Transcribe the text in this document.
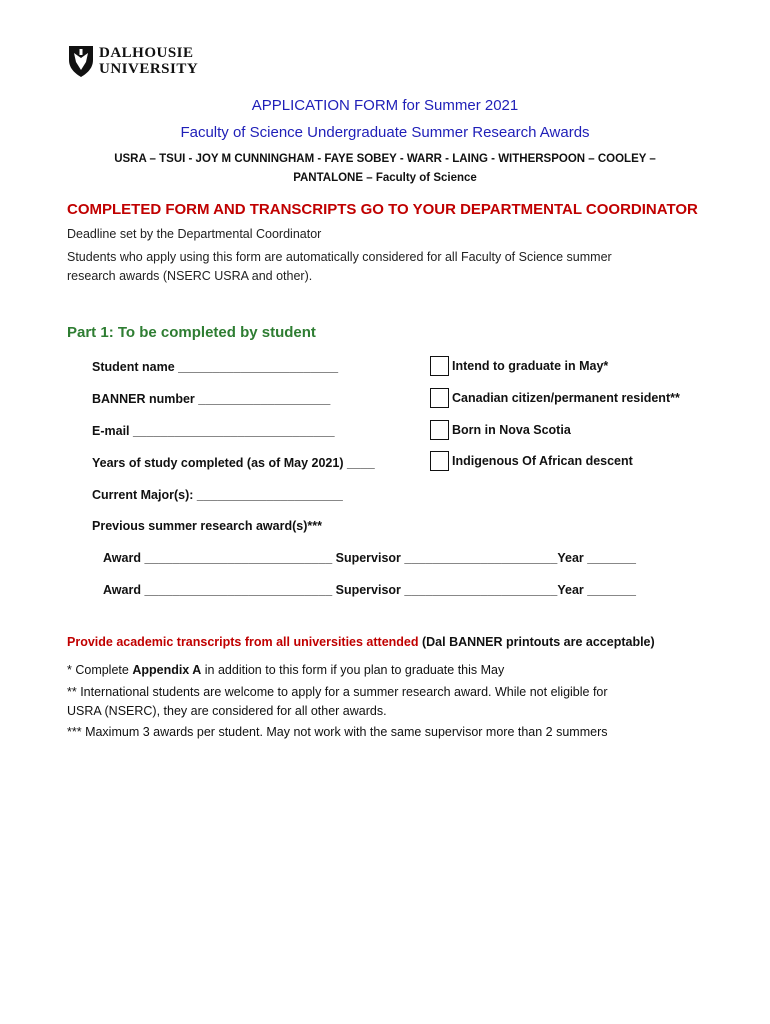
DALHOUSIE
UNIVERSITY
APPLICATION FORM for Summer 2021
Faculty of Science Undergraduate Summer Research Awards
USRA – TSUI - JOY M CUNNINGHAM - FAYE SOBEY - WARR - LAING - WITHERSPOON – COOLEY –
PANTALONE – Faculty of Science
COMPLETED FORM AND TRANSCRIPTS GO TO YOUR DEPARTMENTAL COORDINATOR
Deadline set by the Departmental Coordinator
Students who apply using this form are automatically considered for all Faculty of Science summer
research awards (NSERC USRA and other).
Part 1: To be completed by student
Student name _______________________
BANNER number ___________________
E-mail _____________________________
Years of study completed (as of May 2021) ____
Current Major(s): _____________________
Previous summer research award(s)***
Award ___________________________ Supervisor ______________________Year _______
Award ___________________________ Supervisor ______________________Year _______
Intend to graduate in May*
Canadian citizen/permanent resident**
Born in Nova Scotia
Indigenous Of African descent
Provide academic transcripts from all universities attended (Dal BANNER printouts are acceptable)
* Complete Appendix A in addition to this form if you plan to graduate this May
** International students are welcome to apply for a summer research award. While not eligible for
USRA (NSERC), they are considered for all other awards.
*** Maximum 3 awards per student. May not work with the same supervisor more than 2 summers
